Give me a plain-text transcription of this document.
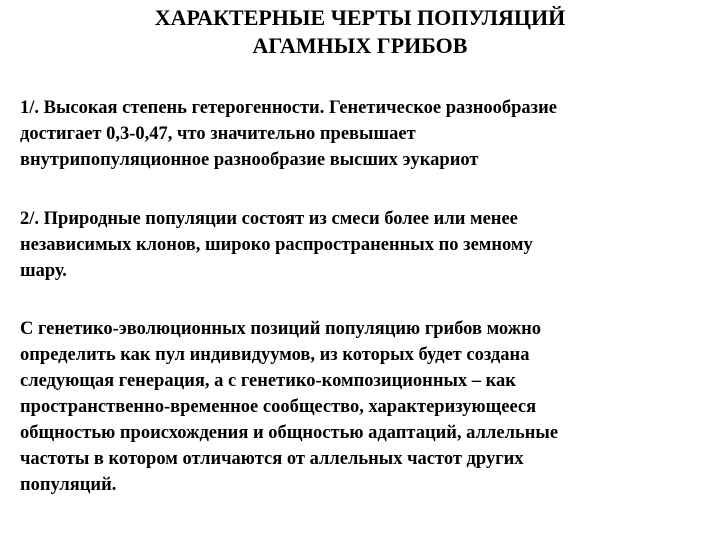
ХАРАКТЕРНЫЕ ЧЕРТЫ ПОПУЛЯЦИЙ
АГАМНЫХ ГРИБОВ
1/. Высокая степень гетерогенности. Генетическое разнообразие
достигает 0,3-0,47, что значительно превышает
внутрипопуляционное разнообразие высших эукариот
2/. Природные популяции состоят из смеси более или менее
независимых клонов, широко распространенных по земному
шару.
С генетико-эволюционных позиций популяцию грибов можно
определить как пул индивидуумов, из которых будет создана
следующая генерация, а с генетико-композиционных – как
пространственно-временное сообщество, характеризующееся
общностью происхождения и общностью адаптаций, аллельные
частоты в котором отличаются от аллельных частот других
популяций.
